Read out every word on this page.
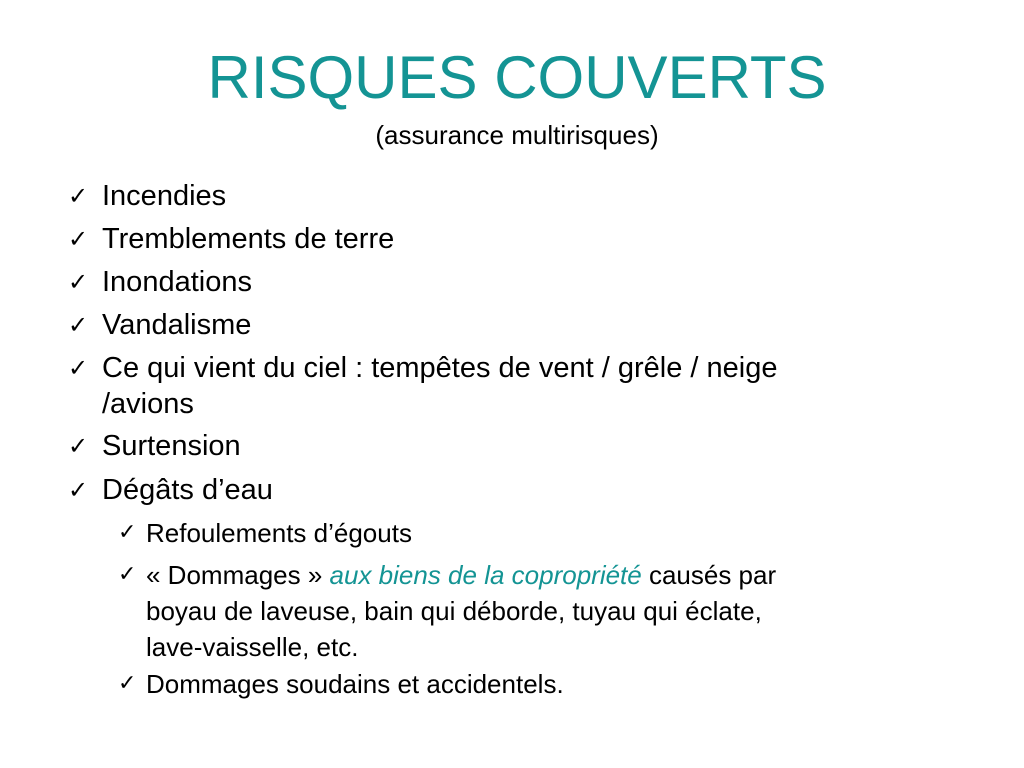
RISQUES COUVERTS

(assurance multirisques)

✓ Incendies
✓ Tremblements de terre
✓ Inondations
✓ Vandalisme
✓ Ce qui vient du ciel : tempêtes de vent / grêle / neige
/avions
✓ Surtension
✓ Dégâts d’eau
✓ Refoulements d’égouts
✓ « Dommages » aux biens de la copropriété causés par
boyau de laveuse, bain qui déborde, tuyau qui éclate,
lave-vaisselle, etc.
✓ Dommages soudains et accidentels.
